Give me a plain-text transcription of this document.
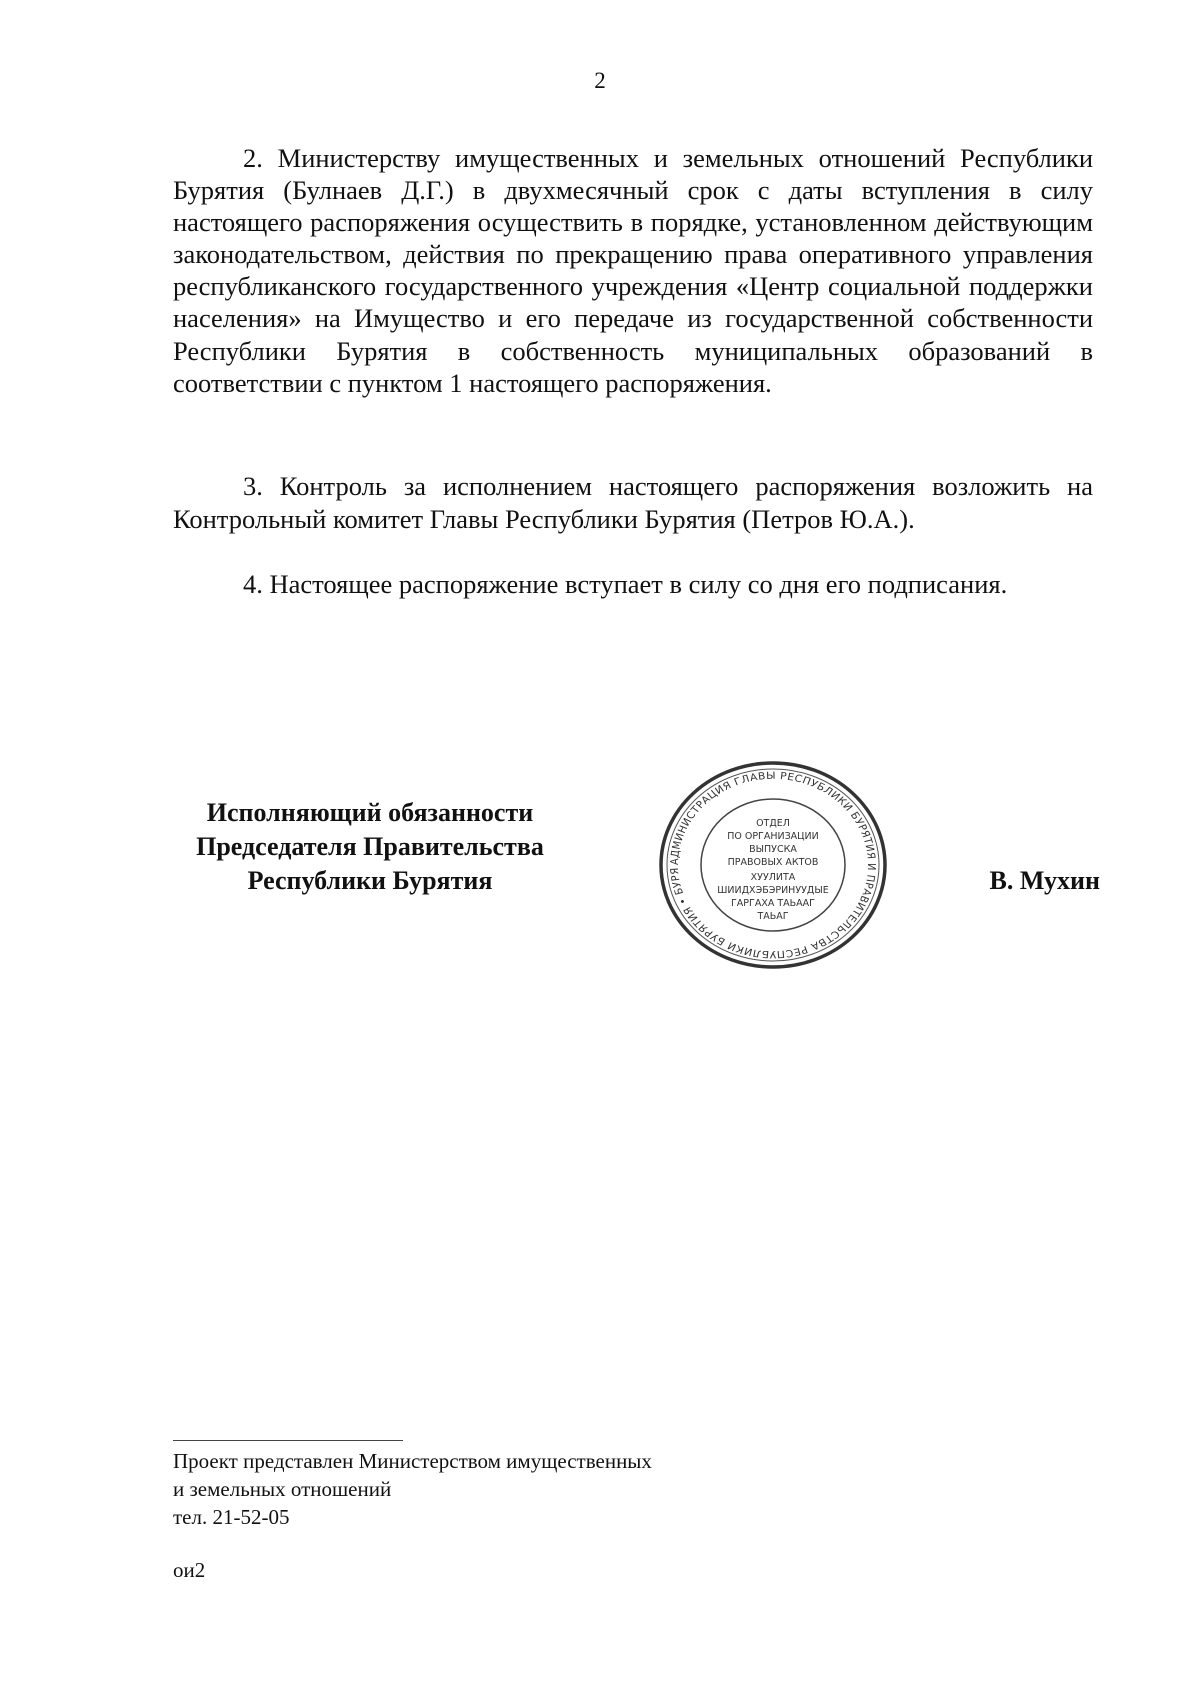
2

2. Министерству имущественных и земельных отношений Республики Бурятия (Булнаев Д.Г.) в двухмесячный срок с даты вступления в силу настоящего распоряжения осуществить в порядке, установленном действующим законодательством, действия по прекращению права оперативного управления республиканского государственного учреждения «Центр социальной поддержки населения» на Имущество и его передаче из государственной собственности Республики Бурятия в собственность муниципальных образований в соответствии с пунктом 1 настоящего распоряжения.

3. Контроль за исполнением настоящего распоряжения возложить на Контрольный комитет Главы Республики Бурятия (Петров Ю.А.).

4. Настоящее распоряжение вступает в силу со дня его подписания.

Исполняющий обязанности
Председателя Правительства
Республики Бурятия
АДМИНИСТРАЦИЯ ГЛАВЫ РЕСПУБЛИКИ БУРЯТИЯ И ПРАВИТЕЛЬСТВА РЕСПУБЛИКИ БУРЯТИЯ • БУРЯ
ОТДЕЛ
ПО ОРГАНИЗАЦИИ
ВЫПУСКА
ПРАВОВЫХ АКТОВ
ХУУЛИТА
ШИИДХЭБЭРИНУУДЫЕ
ГАРГАХА ТАЬААГ
ТАЬАГ
В. Мухин
Проект представлен Министерством имущественных
и земельных отношений
тел. 21-52-05
ои2
